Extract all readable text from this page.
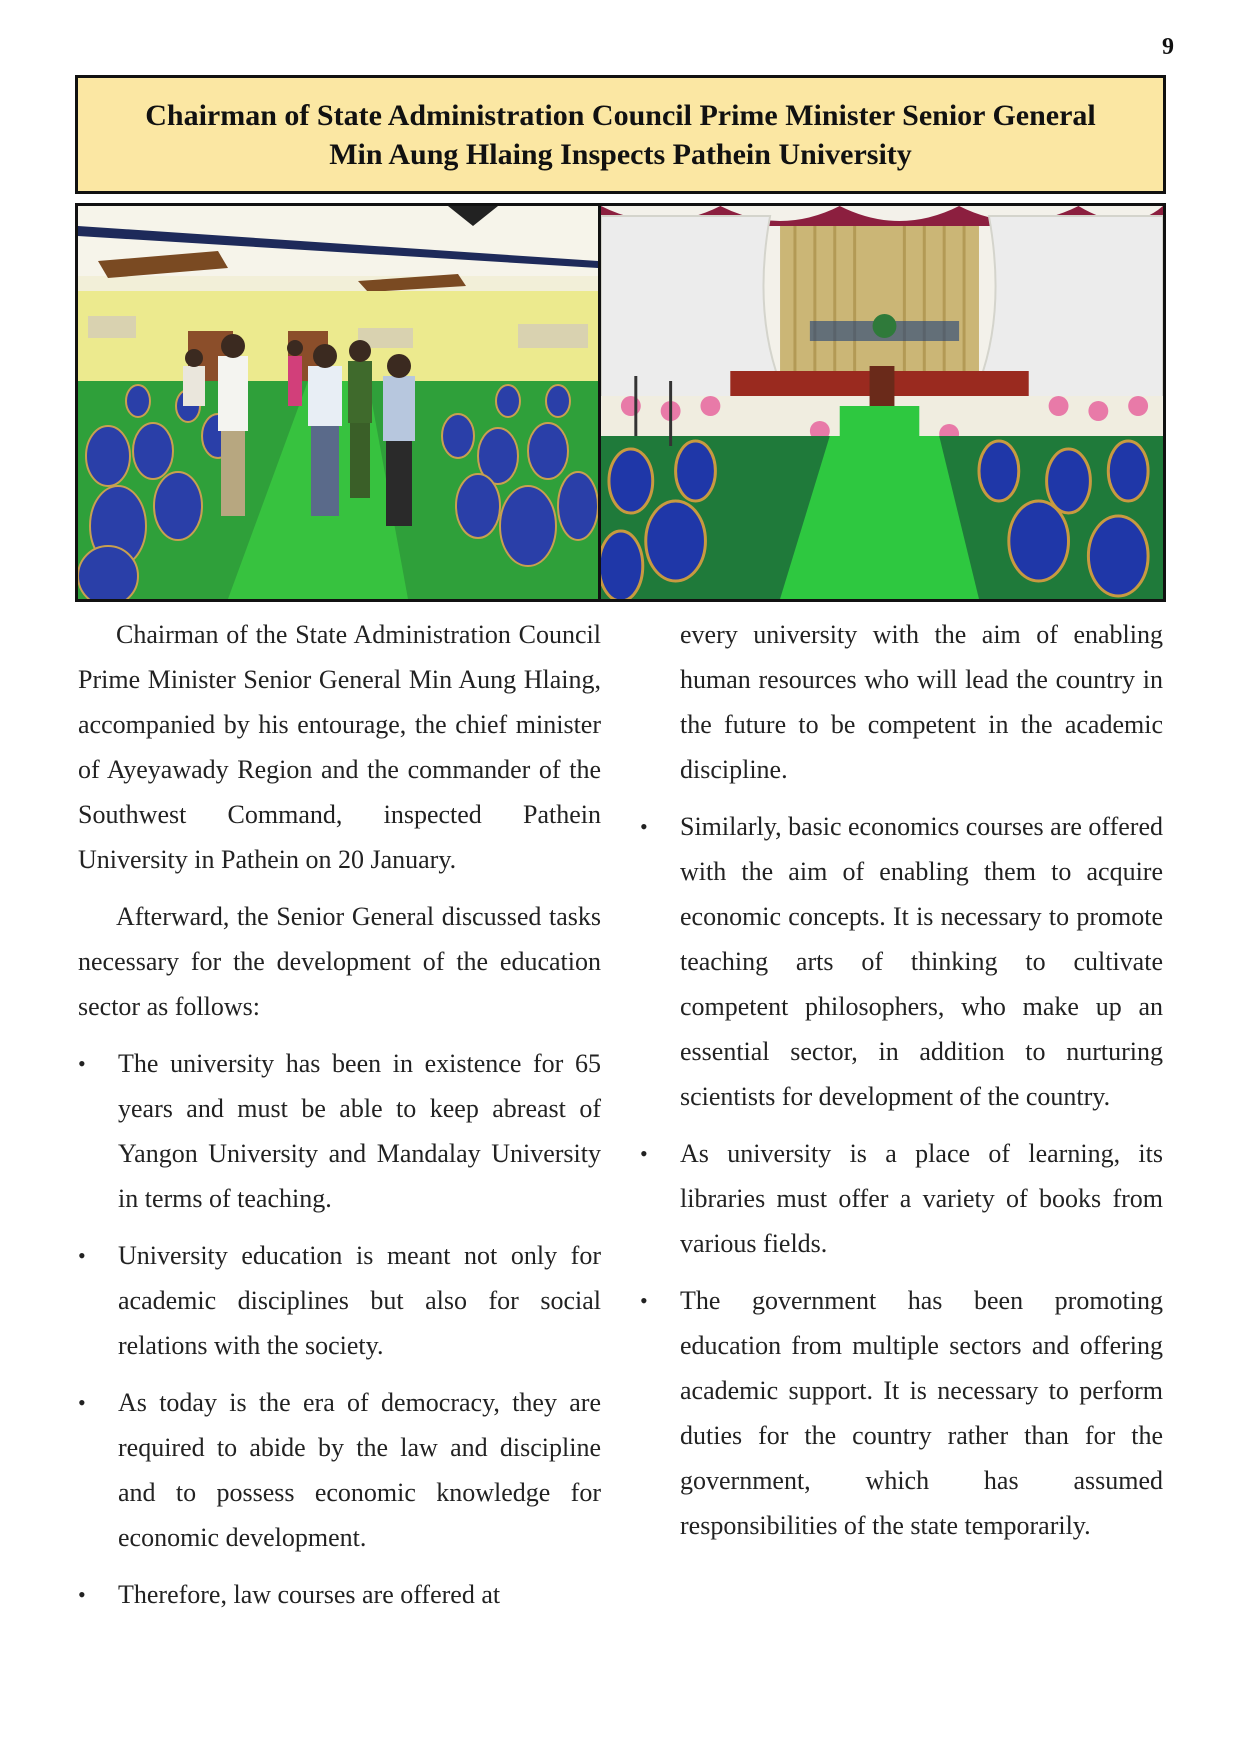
9
Chairman of State Administration Council Prime Minister Senior General Min Aung Hlaing Inspects Pathein University

Chairman of the State Administration Council Prime Minister Senior General Min Aung Hlaing, accompanied by his entourage, the chief minister of Ayeyawady Region and the commander of the Southwest Command, inspected Pathein University in Pathein on 20 January.

Afterward, the Senior General discussed tasks necessary for the development of the education sector as follows:

• The university has been in existence for 65 years and must be able to keep abreast of Yangon University and Mandalay University in terms of teaching.
• University education is meant not only for academic disciplines but also for social relations with the society.
• As today is the era of democracy, they are required to abide by the law and discipline and to possess economic knowledge for economic development.
• Therefore, law courses are offered at
every university with the aim of enabling human resources who will lead the country in the future to be competent in the academic discipline.
• Similarly, basic economics courses are offered with the aim of enabling them to acquire economic concepts. It is necessary to promote teaching arts of thinking to cultivate competent philosophers, who make up an essential sector, in addition to nurturing scientists for development of the country.
• As university is a place of learning, its libraries must offer a variety of books from various fields.
• The government has been promoting education from multiple sectors and offering academic support. It is necessary to perform duties for the country rather than for the government, which has assumed responsibilities of the state temporarily.
